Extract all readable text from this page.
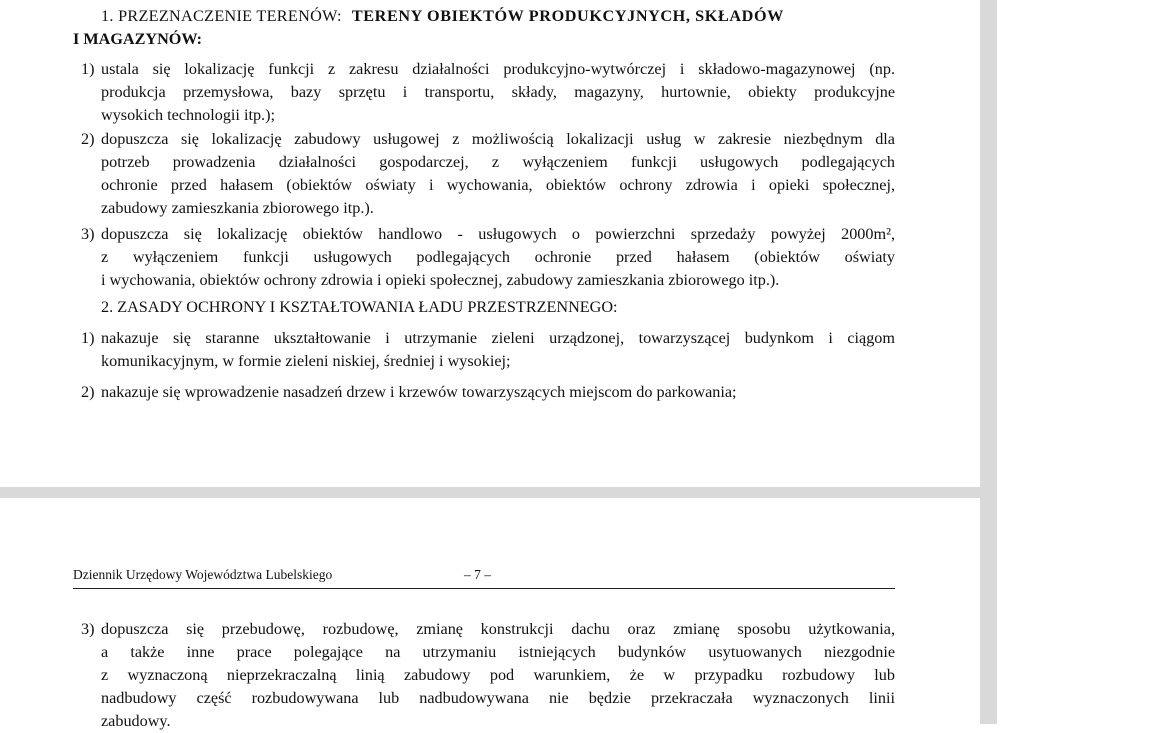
1. PRZEZNACZENIE TERENÓW: TERENY OBIEKTÓW PRODUKCYJNYCH, SKŁADÓW
I MAGAZYNÓW:
1) ustala się lokalizację funkcji z zakresu działalności produkcyjno-wytwórczej i składowo-magazynowej (np.
produkcja przemysłowa, bazy sprzętu i transportu, składy, magazyny, hurtownie, obiekty produkcyjne
wysokich technologii itp.);
2) dopuszcza się lokalizację zabudowy usługowej z możliwością lokalizacji usług w zakresie niezbędnym dla
potrzeb prowadzenia działalności gospodarczej, z wyłączeniem funkcji usługowych podlegających
ochronie przed hałasem (obiektów oświaty i wychowania, obiektów ochrony zdrowia i opieki społecznej,
zabudowy zamieszkania zbiorowego itp.).
3) dopuszcza się lokalizację obiektów handlowo - usługowych o powierzchni sprzedaży powyżej 2000m²,
z wyłączeniem funkcji usługowych podlegających ochronie przed hałasem (obiektów oświaty
i wychowania, obiektów ochrony zdrowia i opieki społecznej, zabudowy zamieszkania zbiorowego itp.).
2. ZASADY OCHRONY I KSZTAŁTOWANIA ŁADU PRZESTRZENNEGO:
1) nakazuje się staranne ukształtowanie i utrzymanie zieleni urządzonej, towarzyszącej budynkom i ciągom
komunikacyjnym, w formie zieleni niskiej, średniej i wysokiej;
2) nakazuje się wprowadzenie nasadzeń drzew i krzewów towarzyszących miejscom do parkowania;
Dziennik Urzędowy Województwa Lubelskiego	– 7 –
3) dopuszcza się przebudowę, rozbudowę, zmianę konstrukcji dachu oraz zmianę sposobu użytkowania,
a także inne prace polegające na utrzymaniu istniejących budynków usytuowanych niezgodnie
z wyznaczoną nieprzekraczalną linią zabudowy pod warunkiem, że w przypadku rozbudowy lub
nadbudowy część rozbudowywana lub nadbudowywana nie będzie przekraczała wyznaczonych linii
zabudowy.
